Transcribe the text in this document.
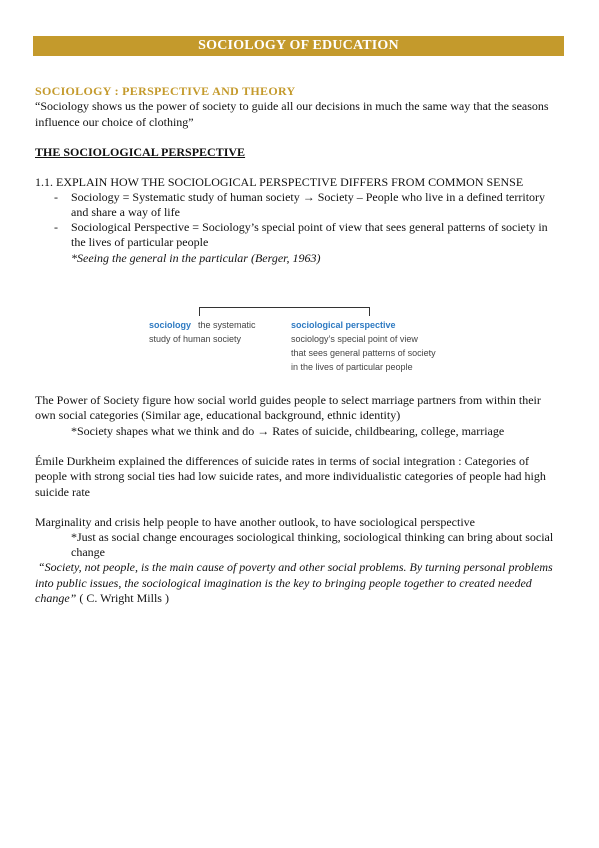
SOCIOLOGY OF EDUCATION
SOCIOLOGY : PERSPECTIVE AND THEORY
“Sociology shows us the power of society to guide all our decisions in much the same way that the seasons
influence our choice of clothing”
THE SOCIOLOGICAL PERSPECTIVE
1.1. EXPLAIN HOW THE SOCIOLOGICAL PERSPECTIVE DIFFERS FROM COMMON SENSE
- Sociology = Systematic study of human society → Society – People who live in a defined territory
and share a way of life
- Sociological Perspective = Sociology’s special point of view that sees general patterns of society in
the lives of particular people
*Seeing the general in the particular (Berger, 1963)
sociology the systematic
study of human society
sociological perspective
sociology’s special point of view
that sees general patterns of society
in the lives of particular people
The Power of Society figure how social world guides people to select marriage partners from within their
own social categories (Similar age, educational background, ethnic identity)
*Society shapes what we think and do → Rates of suicide, childbearing, college, marriage
Émile Durkheim explained the differences of suicide rates in terms of social integration : Categories of
people with strong social ties had low suicide rates, and more individualistic categories of people had high
suicide rate
Marginality and crisis help people to have another outlook, to have sociological perspective
*Just as social change encourages sociological thinking, sociological thinking can bring about social
change
“Society, not people, is the main cause of poverty and other social problems. By turning personal problems
into public issues, the sociological imagination is the key to bringing people together to created needed
change” ( C. Wright Mills )
